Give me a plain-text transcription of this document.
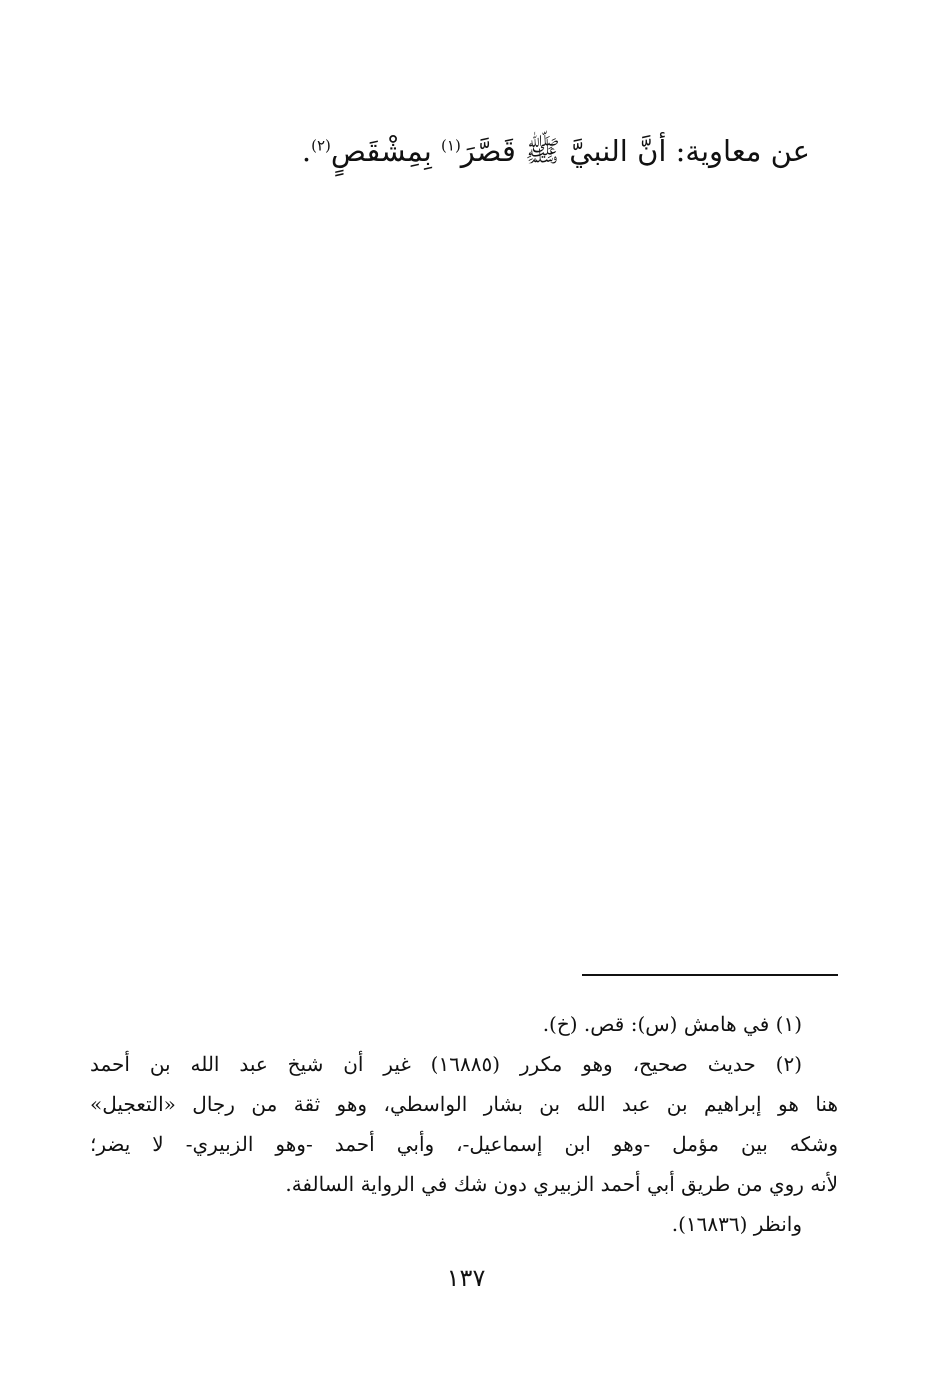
عن معاوية: أنَّ النبيَّ ﷺ قَصَّرَ$^{(١)}$ بِمِشْقَصٍ$^{(٢)}$.
(١) في هامش (س): قص. (خ).
(٢) حديث صحيح، وهو مكرر (١٦٨٨٥) غير أن شيخ عبد الله بن أحمد
هنا هو إبراهيم بن عبد الله بن بشار الواسطي، وهو ثقة من رجال «التعجيل»
وشكه بين مؤمل -وهو ابن إسماعيل-، وأبي أحمد -وهو الزبيري- لا يضر؛
لأنه روي من طريق أبي أحمد الزبيري دون شك في الرواية السالفة.
وانظر (١٦٨٣٦).
١٣٧
